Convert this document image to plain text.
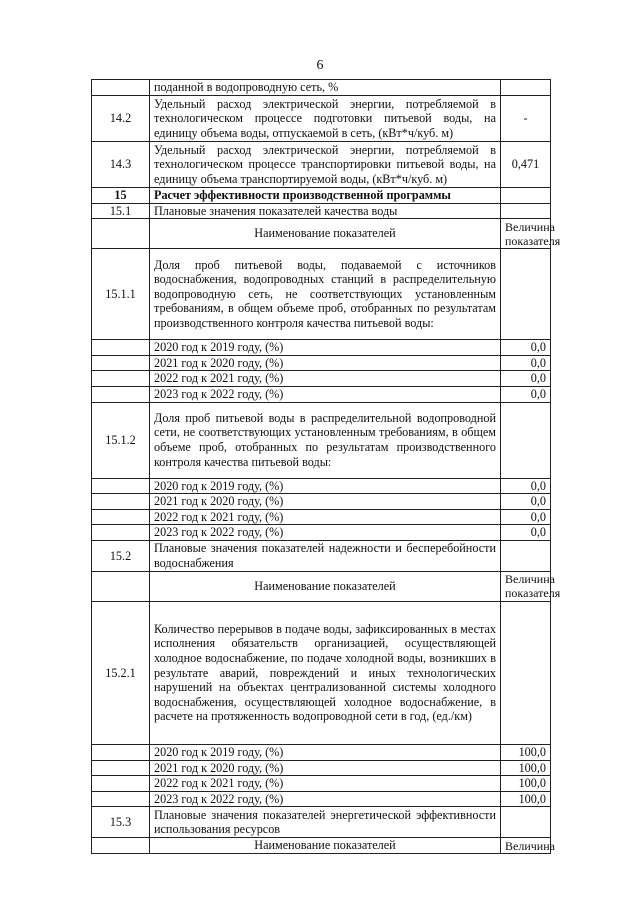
6
	поданной в водопроводную сеть, %	
14.2	Удельный расход электрической энергии, потребляемой в технологическом процессе подготовки питьевой воды, на единицу объема воды, отпускаемой в сеть, (кВт*ч/куб. м)	-
14.3	Удельный расход электрической энергии, потребляемой в технологическом процессе транспортировки питьевой воды, на единицу объема транспортируемой воды, (кВт*ч/куб. м)	0,471
15	Расчет эффективности производственной программы	
15.1	Плановые значения показателей качества воды	
	Наименование показателей	Величина показателя
15.1.1	Доля проб питьевой воды, подаваемой с источников водоснабжения, водопроводных станций в распределительную водопроводную сеть, не соответствующих установленным требованиям, в общем объеме проб, отобранных по результатам производственного контроля качества питьевой воды:	
	2020 год к 2019 году, (%)	0,0
	2021 год к 2020 году, (%)	0,0
	2022 год к 2021 году, (%)	0,0
	2023 год к 2022 году, (%)	0,0
15.1.2	Доля проб питьевой воды в распределительной водопроводной сети, не соответствующих установленным требованиям, в общем объеме проб, отобранных по результатам производственного контроля качества питьевой воды:	
	2020 год к 2019 году, (%)	0,0
	2021 год к 2020 году, (%)	0,0
	2022 год к 2021 году, (%)	0,0
	2023 год к 2022 году, (%)	0,0
15.2	Плановые значения показателей надежности и бесперебойности водоснабжения	
	Наименование показателей	Величина показателя
15.2.1	Количество перерывов в подаче воды, зафиксированных в местах исполнения обязательств организацией, осуществляющей холодное водоснабжение, по подаче холодной воды, возникших в результате аварий, повреждений и иных технологических нарушений на объектах централизованной системы холодного водоснабжения, осуществляющей холодное водоснабжение, в расчете на протяженность водопроводной сети в год, (ед./км)	
	2020 год к 2019 году, (%)	100,0
	2021 год к 2020 году, (%)	100,0
	2022 год к 2021 году, (%)	100,0
	2023 год к 2022 году, (%)	100,0
15.3	Плановые значения показателей энергетической эффективности использования ресурсов	
	Наименование показателей	Величина
